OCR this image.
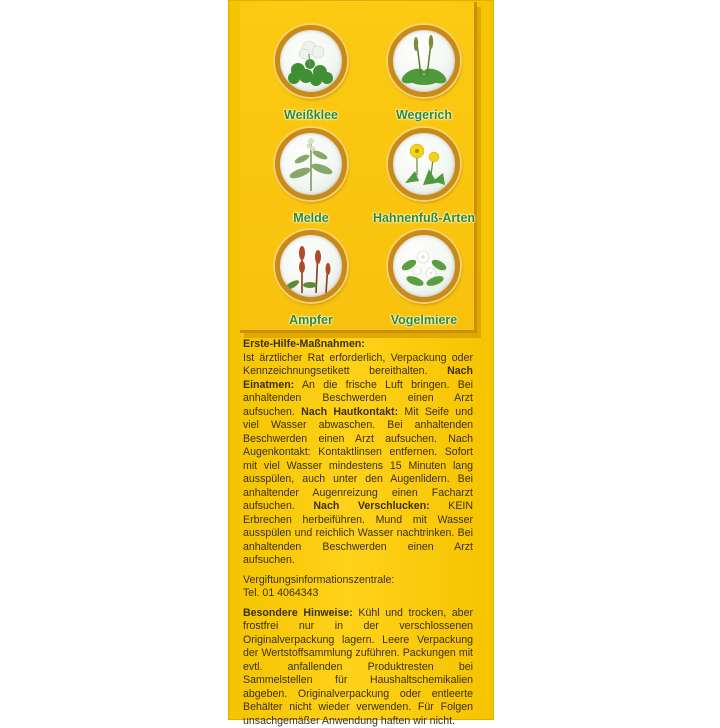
Weißklee	Wegerich
Melde	Hahnenfuß-Arten
Ampfer	Vogelmiere

Erste-Hilfe-Maßnahmen:

Ist ärztlicher Rat erforderlich, Verpackung oder Kennzeichnungsetikett bereithalten. Nach Einatmen: An die frische Luft bringen. Bei anhaltenden Beschwerden einen Arzt aufsuchen. Nach Hautkontakt: Mit Seife und viel Wasser abwaschen. Bei anhaltenden Beschwerden einen Arzt aufsuchen. Nach Augenkontakt: Kontaktlinsen entfernen. Sofort mit viel Wasser mindestens 15 Minuten lang ausspülen, auch unter den Augenlidern. Bei anhaltender Augenreizung einen Facharzt aufsuchen. Nach Verschlucken: KEIN Erbrechen herbeiführen. Mund mit Wasser ausspülen und reichlich Wasser nachtrinken. Bei anhaltenden Beschwerden einen Arzt aufsuchen.

Vergiftungsinformationszentrale:

Tel. 01 4064343

Besondere Hinweise: Kühl und trocken, aber frostfrei nur in der verschlossenen Originalverpackung lagern. Leere Verpackung der Wertstoffsammlung zuführen. Packungen mit evtl. anfallenden Produktresten bei Sammelstellen für Haushaltschemikalien abgeben. Originalverpackung oder entleerte Behälter nicht wieder verwenden. Für Folgen unsachgemäßer Anwendung haften wir nicht.
